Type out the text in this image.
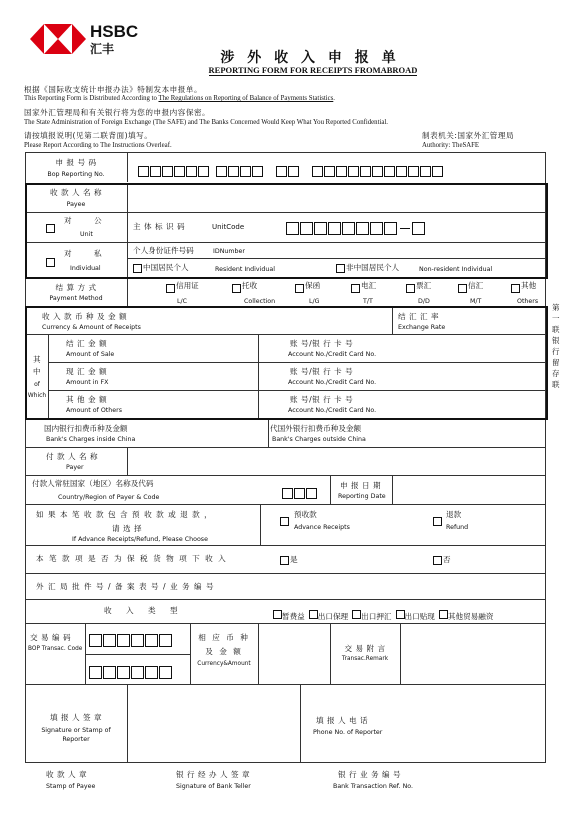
HSBC
汇丰
涉 外 收 入 申 报 单
REPORTING FORM FOR RECEIPTS FROMABROAD
根据《国际收支统计申报办法》特制发本申报单。
This Reporting Form is Distributed According to The Regulations on Reporting of Balance of Payments Statistics.
国家外汇管理局和有关银行将为您的申报内容保密。
The State Administration of Foreign Exchange (The SAFE) and The Banks Concerned Would Keep What You Reported Confidential.
请按填报说明(见第二联背面)填写。
Please Report According to The Instructions Overleaf.
制表机关:国家外汇管理局
Authority: TheSAFE
申 报 号 码
Bop Reporting No.
收 款 人 名 称
Payee
对 公
Unit
主 体 标 识 码	UnitCode
对 私
Individual
个人身份证件号码	IDNumber
中国居民个人	Resident Individual	非中国居民个人	Non-resident Individual
结 算 方 式
Payment Method
信用证
L/C
托收
Collection
保函
L/G
电汇
T/T
票汇
D/D
信汇
M/T
其他
Others
收 入 款 币 种 及 金 额
Currency & Amount of Receipts
结 汇 汇 率
Exchange Rate
其中
of Which
结 汇 金 额
Amount of Sale
账 号/银 行 卡 号
Account No./Credit Card No.
现 汇 金 额
Amount in FX
账 号/银 行 卡 号
Account No./Credit Card No.
其 他 金 额
Amount of Others
账 号/银 行 卡 号
Account No./Credit Card No.
国内银行扣费币种及金额
Bank's Charges inside China
代国外银行扣费币种及金额
Bank's Charges outside China
付 款 人 名 称
Payer
付款人常驻国家（地区）名称及代码
Country/Region of Payer & Code
申 报 日 期
Reporting Date
如 果 本 笔 收 款 包 含 预 收 款 或 退 款 ，
请 选 择
If Advance Receipts/Refund, Please Choose
预收款
Advance Receipts
退款
Refund
本 笔 款 项 是 否 为 保 税 货 物 项 下 收 入	是	否
外 汇 局 批 件 号 / 备 案 表 号 / 业 务 编 号
收 入 类 型
暂费益 出口保理 出口押汇 出口贴现 其他贸易融资
交 易 编 码
BOP Transac. Code
相 应 币 种
及 金 额
Currency&Amount
交 易 附 言
Transac.Remark
填 报 人 签 章
Signature or Stamp of
Reporter
填 报 人 电 话
Phone No. of Reporter
收 款 人 章
Stamp of Payee
银 行 经 办 人 签 章
Signature of Bank Teller
银 行 业 务 编 号
Bank Transaction Ref. No.
第 一 联 银 行 留 存 联
